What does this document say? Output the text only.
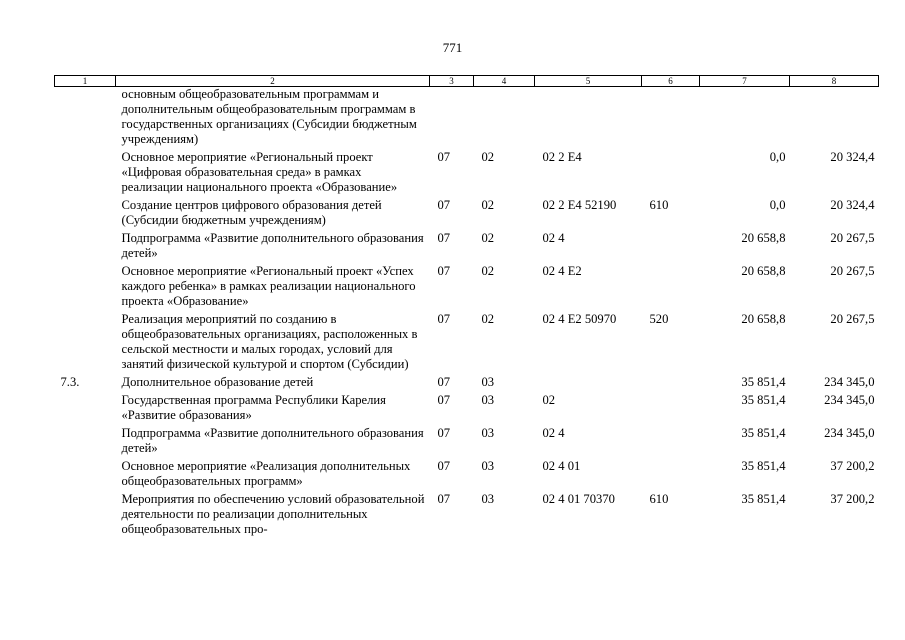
771
1	2	3	4	5	6	7	8
	основным общеобразовательным программам и дополнительным общеобразовательным программам в государственных организациях (Субсидии бюджетным учреждениям)						
	Основное мероприятие «Региональный проект «Цифровая образовательная среда» в рамках реализации национального проекта «Образование»	07	02	02 2 E4		0,0	20 324,4
	Создание центров цифрового образования детей (Субсидии бюджетным учреждениям)	07	02	02 2 E4 52190	610	0,0	20 324,4
	Подпрограмма «Развитие дополнительного образования детей»	07	02	02 4		20 658,8	20 267,5
	Основное мероприятие «Региональный проект «Успех каждого ребенка» в рамках реализации национального проекта «Образование»	07	02	02 4 E2		20 658,8	20 267,5
	Реализация мероприятий по созданию в общеобразовательных организациях, расположенных в сельской местности и малых городах, условий для занятий физической культурой и спортом (Субсидии)	07	02	02 4 E2 50970	520	20 658,8	20 267,5
7.3.	Дополнительное образование детей	07	03			35 851,4	234 345,0
	Государственная программа Республики Карелия «Развитие образования»	07	03	02		35 851,4	234 345,0
	Подпрограмма «Развитие дополнительного образования детей»	07	03	02 4		35 851,4	234 345,0
	Основное мероприятие «Реализация дополнительных общеобразовательных программ»	07	03	02 4 01		35 851,4	37 200,2
	Мероприятия по обеспечению условий образовательной деятельности по реализации дополнительных общеобразовательных про-	07	03	02 4 01 70370	610	35 851,4	37 200,2
